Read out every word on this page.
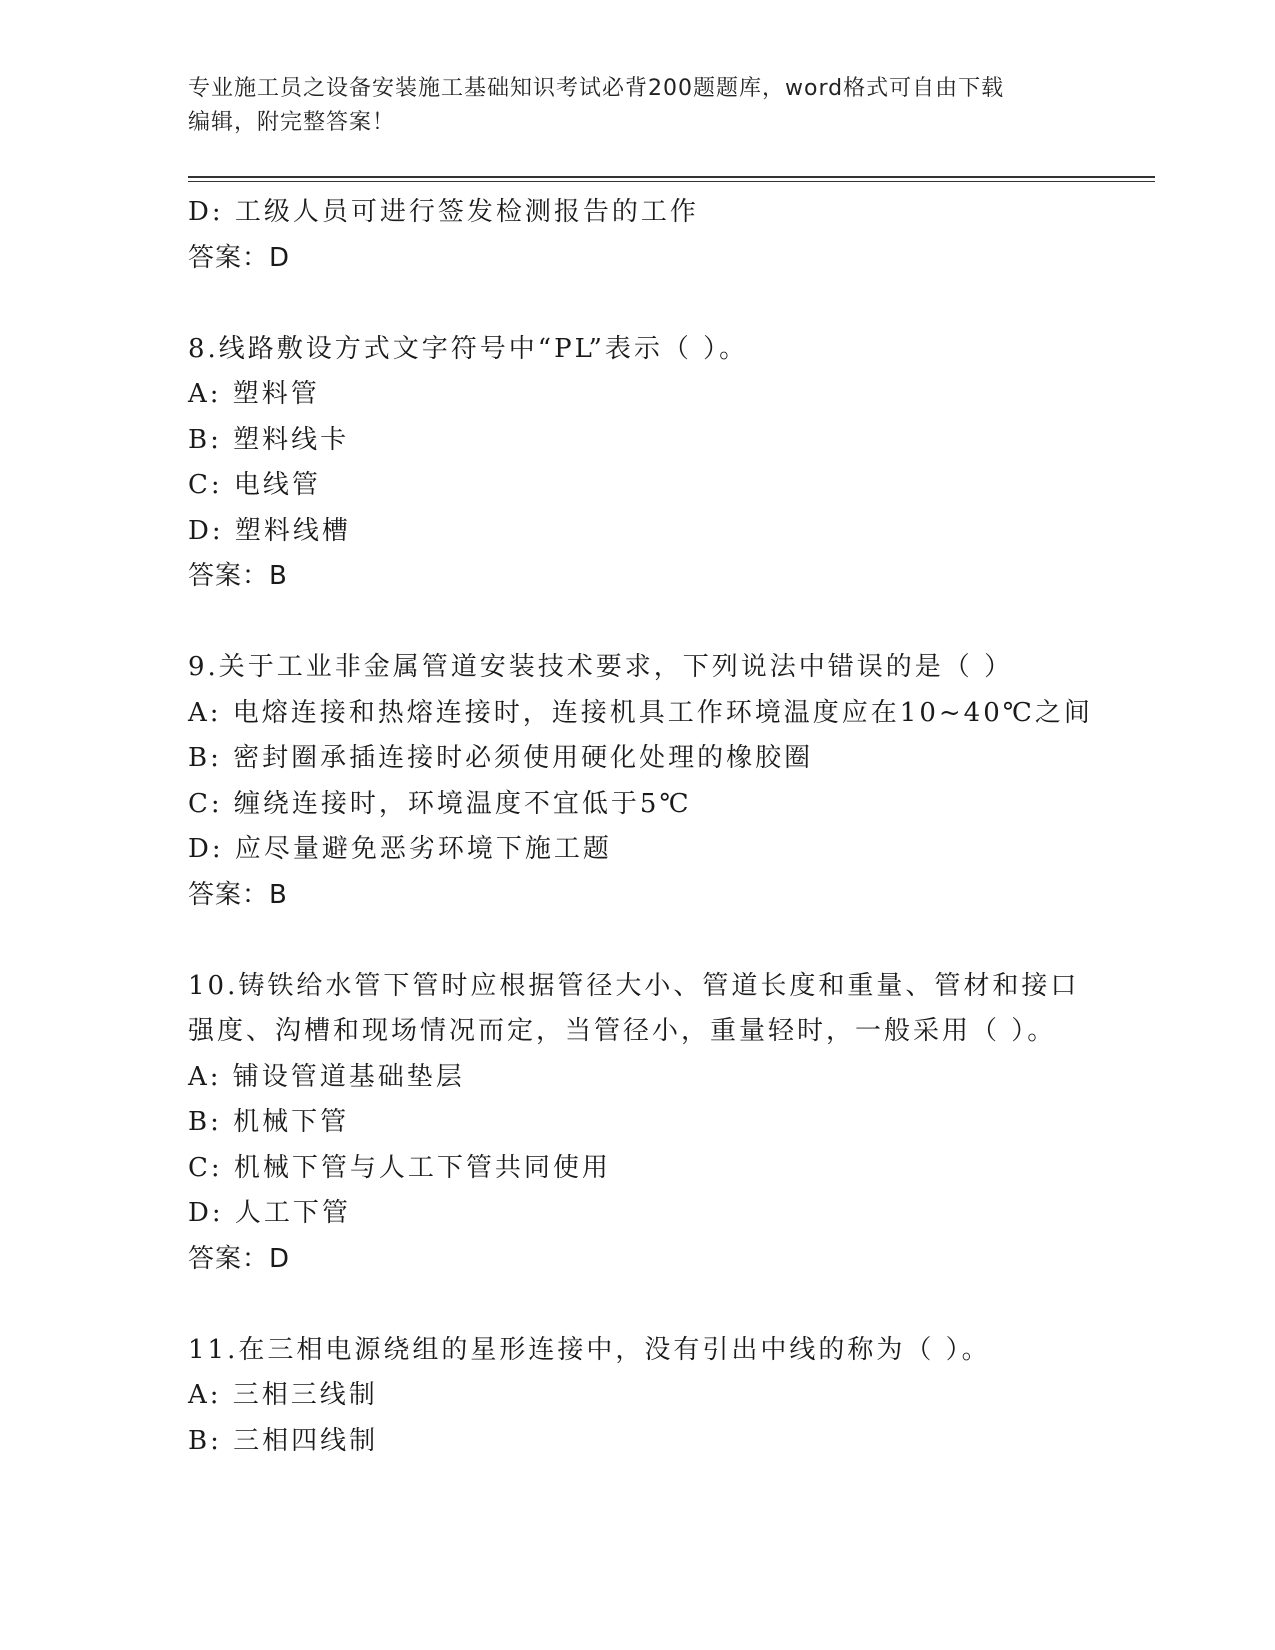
专业施工员之设备安装施工基础知识考试必背200题题库，word格式可自由下载
编辑，附完整答案！
D: 工级人员可进行签发检测报告的工作
答案：D
8.线路敷设方式文字符号中“PL”表示（ ）。
A: 塑料管
B: 塑料线卡
C: 电线管
D: 塑料线槽
答案：B
9.关于工业非金属管道安装技术要求，下列说法中错误的是（ ）
A: 电熔连接和热熔连接时，连接机具工作环境温度应在10~40℃之间
B: 密封圈承插连接时必须使用硬化处理的橡胶圈
C: 缠绕连接时，环境温度不宜低于5℃
D: 应尽量避免恶劣环境下施工题
答案：B
10.铸铁给水管下管时应根据管径大小、管道长度和重量、管材和接口
强度、沟槽和现场情况而定，当管径小，重量轻时，一般采用（ ）。
A: 铺设管道基础垫层
B: 机械下管
C: 机械下管与人工下管共同使用
D: 人工下管
答案：D
11.在三相电源绕组的星形连接中，没有引出中线的称为（ ）。
A: 三相三线制
B: 三相四线制
